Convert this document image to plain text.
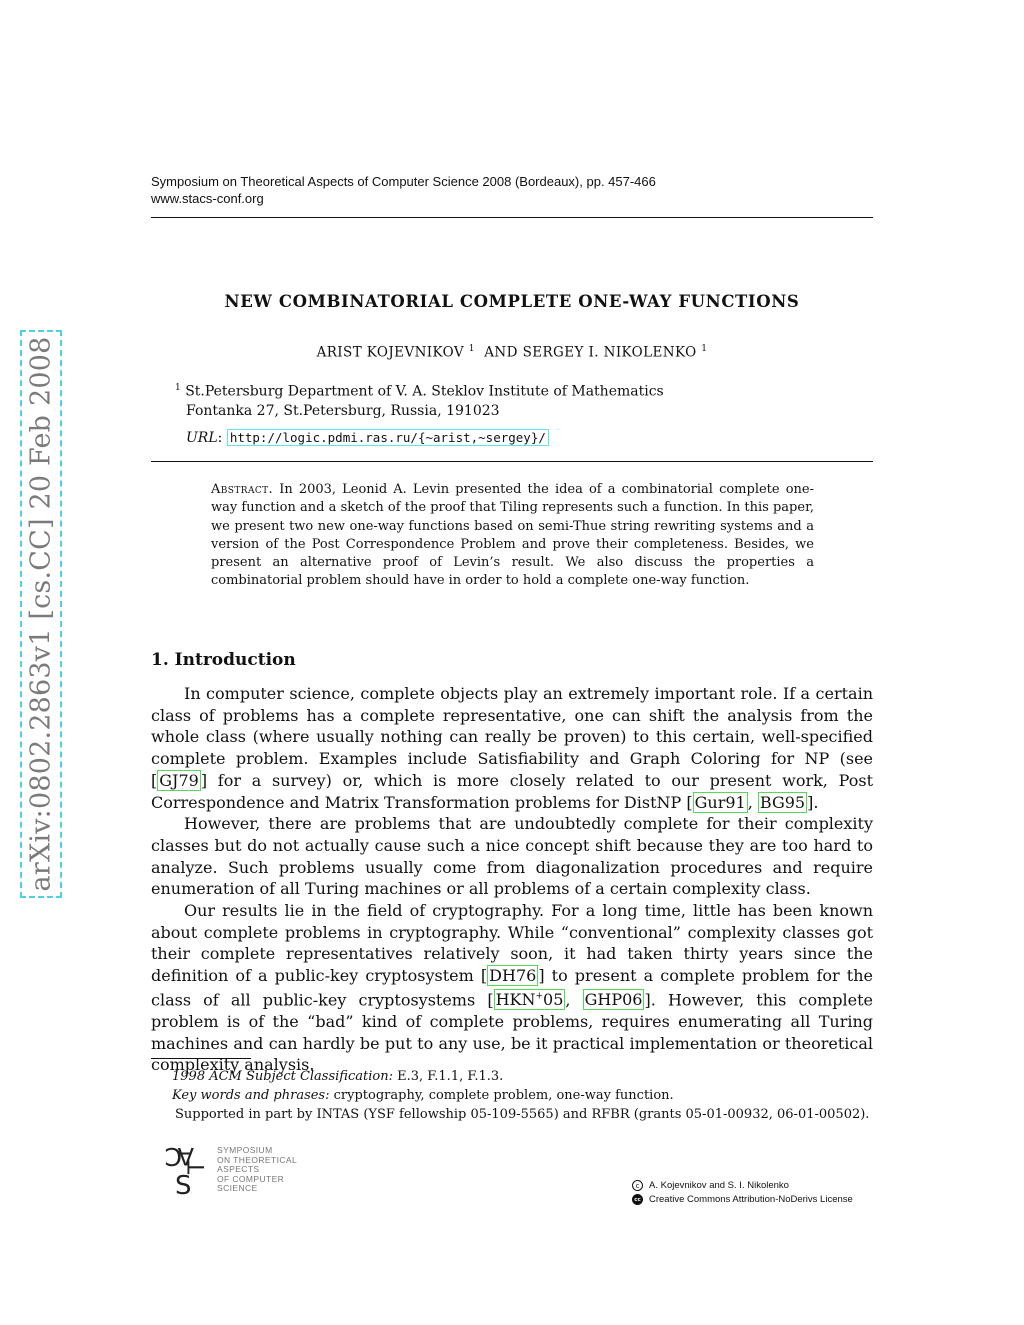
Symposium on Theoretical Aspects of Computer Science 2008 (Bordeaux), pp. 457-466
www.stacs-conf.org
arXiv:0802.2863v1 [cs.CC] 20 Feb 2008
NEW COMBINATORIAL COMPLETE ONE-WAY FUNCTIONS
ARIST KOJEVNIKOV $^1$ AND SERGEY I. NIKOLENKO $^1$
$^1$ St.Petersburg Department of V. A. Steklov Institute of Mathematics
Fontanka 27, St.Petersburg, Russia, 191023
URL: http://logic.pdmi.ras.ru/{~arist,~sergey}/
Abstract. In 2003, Leonid A. Levin presented the idea of a combinatorial complete one-way function and a sketch of the proof that Tiling represents such a function. In this paper, we present two new one-way functions based on semi-Thue string rewriting systems and a version of the Post Correspondence Problem and prove their completeness. Besides, we present an alternative proof of Levin’s result. We also discuss the properties a combinatorial problem should have in order to hold a complete one-way function.
1. Introduction

In computer science, complete objects play an extremely important role. If a certain class of problems has a complete representative, one can shift the analysis from the whole class (where usually nothing can really be proven) to this certain, well-specified complete problem. Examples include Satisfiability and Graph Coloring for NP (see [ GJ79 ] for a survey) or, which is more closely related to our present work, Post Correspondence and Matrix Transformation problems for DistNP [ Gur91 , BG95 ].

However, there are problems that are undoubtedly complete for their complexity classes but do not actually cause such a nice concept shift because they are too hard to analyze. Such problems usually come from diagonalization procedures and require enumeration of all Turing machines or all problems of a certain complexity class.

Our results lie in the field of cryptography. For a long time, little has been known about complete problems in cryptography. While “conventional” complexity classes got their complete representatives relatively soon, it had taken thirty years since the definition of a public-key cryptosystem [ DH76 ] to present a complete problem for the class of all public-key cryptosystems [ HKN+05 , GHP06 ]. However, this complete problem is of the “bad” kind of complete problems, requires enumerating all Turing machines and can hardly be put to any use, be it practical implementation or theoretical complexity analysis.

1998 ACM Subject Classification: E.3, F.1.1, F.1.3.
Key words and phrases: cryptography, complete problem, one-way function.
Supported in part by INTAS (YSF fellowship 05-109-5565) and RFBR (grants 05-01-00932, 06-01-00502).
C
A
T
S
SYMPOSIUM
ON THEORETICAL
ASPECTS
OF COMPUTER
SCIENCE	c	A. Kojevnikov and S. I. Nikolenko
cc Creative Commons Attribution-NoDerivs License
